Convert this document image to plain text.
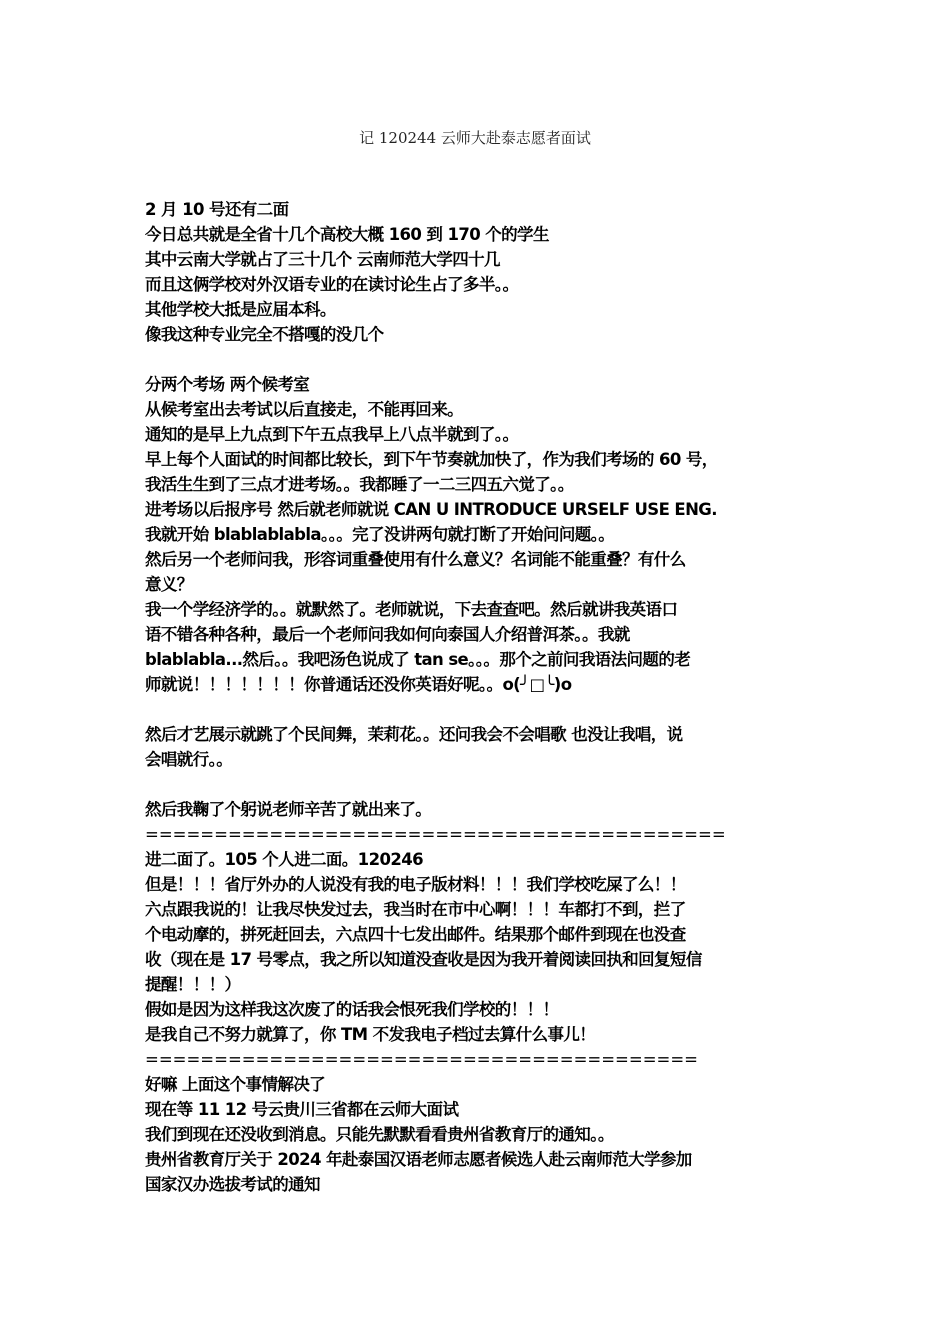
记 120244 云师大赴泰志愿者面试
2 月 10 号还有二面
今日总共就是全省十几个高校大概 160 到 170 个的学生
其中云南大学就占了三十几个 云南师范大学四十几
而且这俩学校对外汉语专业的在读讨论生占了多半。。
其他学校大抵是应届本科。
像我这种专业完全不搭嘎的没几个
分两个考场 两个候考室
从候考室出去考试以后直接走，不能再回来。
通知的是早上九点到下午五点我早上八点半就到了。。
早上每个人面试的时间都比较长，到下午节奏就加快了，作为我们考场的 60 号，
我活生生到了三点才进考场。。我都睡了一二三四五六觉了。。
进考场以后报序号 然后就老师就说 CAN U INTRODUCE URSELF USE ENG.
我就开始 blablablabla。。。完了没讲两句就打断了开始问问题。。
然后另一个老师问我，形容词重叠使用有什么意义？名词能不能重叠？有什么
意义？
我一个学经济学的。。就默然了。老师就说，下去查查吧。然后就讲我英语口
语不错各种各种，最后一个老师问我如何向泰国人介绍普洱茶。。我就
blablabla...然后。。我吧汤色说成了 tan se。。。那个之前问我语法问题的老
师就说！！！！！！！你普通话还没你英语好呢。。o(╯□╰)o
然后才艺展示就跳了个民间舞，茉莉花。。还问我会不会唱歌 也没让我唱，说
会唱就行。。
然后我鞠了个躬说老师辛苦了就出来了。
==========================================
进二面了。105 个人进二面。120246
但是！！！省厅外办的人说没有我的电子版材料！！！我们学校吃屎了么！！
六点跟我说的！让我尽快发过去，我当时在市中心啊！！！车都打不到，拦了
个电动摩的，拼死赶回去，六点四十七发出邮件。结果那个邮件到现在也没查
收（现在是 17 号零点，我之所以知道没查收是因为我开着阅读回执和回复短信
提醒！！！）
假如是因为这样我这次废了的话我会恨死我们学校的！！！
是我自己不努力就算了，你 TM 不发我电子档过去算什么事儿！
========================================
好嘛 上面这个事情解决了
现在等 11 12 号云贵川三省都在云师大面试
我们到现在还没收到消息。只能先默默看看贵州省教育厅的通知。。
贵州省教育厅关于 2024 年赴泰国汉语老师志愿者候选人赴云南师范大学参加
国家汉办选拔考试的通知
